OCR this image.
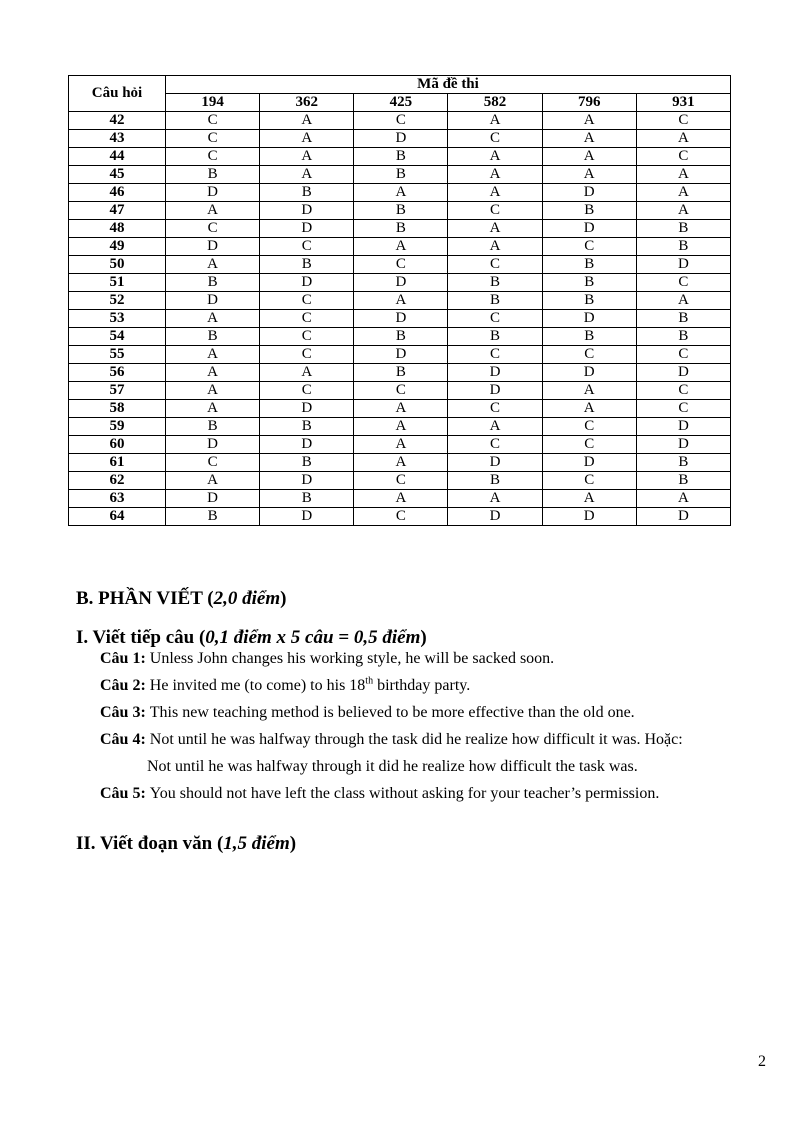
Câu hỏi	Mã đề thi					
	194	362	425	582	796	931
42	C	A	C	A	A	C
43	C	A	D	C	A	A
44	C	A	B	A	A	C
45	B	A	B	A	A	A
46	D	B	A	A	D	A
47	A	D	B	C	B	A
48	C	D	B	A	D	B
49	D	C	A	A	C	B
50	A	B	C	C	B	D
51	B	D	D	B	B	C
52	D	C	A	B	B	A
53	A	C	D	C	D	B
54	B	C	B	B	B	B
55	A	C	D	C	C	C
56	A	A	B	D	D	D
57	A	C	C	D	A	C
58	A	D	A	C	A	C
59	B	B	A	A	C	D
60	D	D	A	C	C	D
61	C	B	A	D	D	B
62	A	D	C	B	C	B
63	D	B	A	A	A	A
64	B	D	C	D	D	D
B. PHẦN VIẾT (2,0 điểm)
I. Viết tiếp câu (0,1 điểm x 5 câu = 0,5 điểm)
Câu 1: Unless John changes his working style, he will be sacked soon.
Câu 2: He invited me (to come) to his 18th birthday party.
Câu 3: This new teaching method is believed to be more effective than the old one.
Câu 4: Not until he was halfway through the task did he realize how difficult it was. Hoặc:
Not until he was halfway through it did he realize how difficult the task was.
Câu 5: You should not have left the class without asking for your teacher’s permission.
II. Viết đoạn văn (1,5 điểm)
2
